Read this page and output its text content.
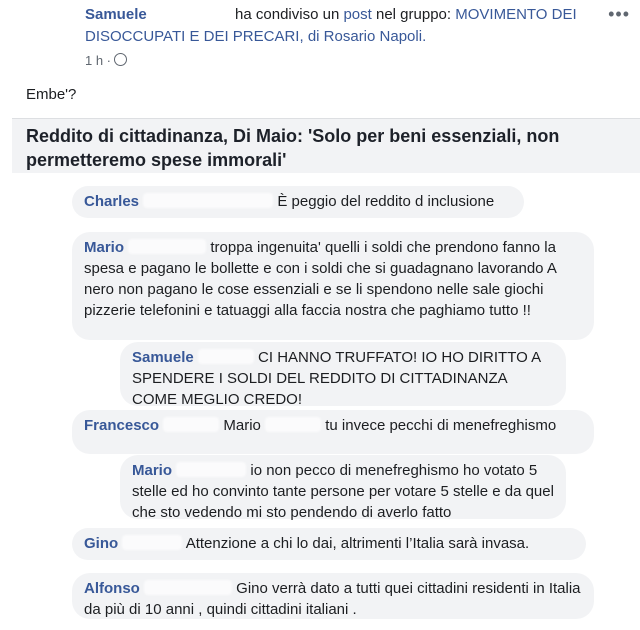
Samuele	ha condiviso un post nel gruppo: MOVIMENTO DEI DISOCCUPATI E DEI PRECARI, di Rosario Napoli.
•••
1 h ·
Embe'?
Reddito di cittadinanza, Di Maio: 'Solo per beni essenziali, non permetteremo spese immorali'
Charles	È peggio del reddito d inclusione
Mario	troppa ingenuita' quelli i soldi che prendono fanno la spesa e pagano le bollette e con i soldi che si guadagnano lavorando A nero non pagano le cose essenziali e se li spendono nelle sale giochi pizzerie telefonini e tatuaggi alla faccia nostra che paghiamo tutto !!
Samuele	CI HANNO TRUFFATO! IO HO DIRITTO A SPENDERE I SOLDI DEL REDDITO DI CITTADINANZA COME MEGLIO CREDO!
Francesco	Mario	tu invece pecchi di menefreghismo
Mario	io non pecco di menefreghismo ho votato 5 stelle ed ho convinto tante persone per votare 5 stelle e da quel che sto vedendo mi sto pendendo di averlo fatto
Gino	Attenzione a chi lo dai, altrimenti l’Italia sarà invasa.
Alfonso	Gino verrà dato a tutti quei cittadini residenti in Italia da più di 10 anni , quindi cittadini italiani .
